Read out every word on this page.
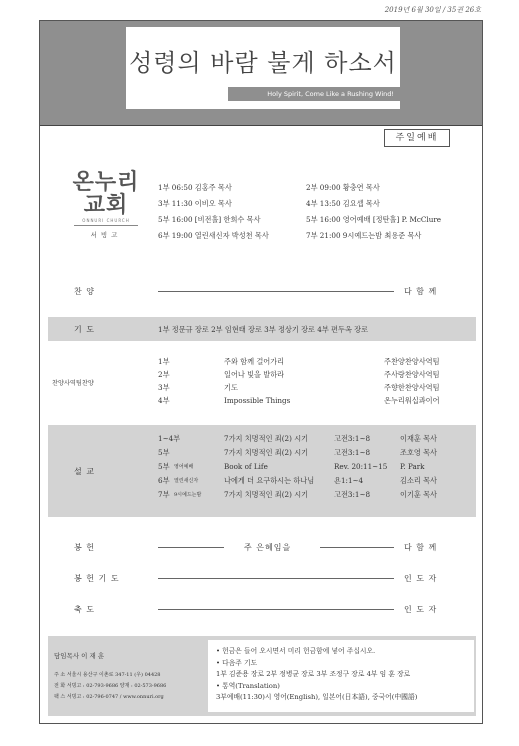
2019년 6월 30일 / 35권 26호
성령의 바람 불게 하소서
Holy Spirit, Come Like a Rushing Wind!
주일예배
온누리 교회
ONNURI CHURCH
서빙고
1부 06:50 김홍주 목사	2부 09:00 황충연 목사
3부 11:30 이비오 목사	4부 13:50 김요셉 목사
5부 16:00 [비전홀] 한희수 목사	5부 16:00 영어예배 [정탄홀] P. McClure
6부 19:00 열린새신자 박성천 목사	7부 21:00 9시예드는밤 최용준 목사
찬 양	다 함 께
기 도	1부 정문규 장로 2부 임현태 장로 3부 정상기 장로 4부 편두옥 장로
찬양사역팀찬양
1부	주와 함께 걸어가리	주찬양찬양사역팀
2부	일어나 빛을 발하라	주사랑찬양사역팀
3부	기도	주향한찬양사역팀
4부	Impossible Things	온누리워십콰이어
설 교
1~4부	7가지 치명적인 죄(2) 시기	고전3:1~8	이재훈 목사
5부	7가지 치명적인 죄(2) 시기	고전3:1~8	조호영 목사
5부 영어예배	Book of Life	Rev. 20:11~15 P. Park
6부 열린새신자	나에게 더 요구하시는 하나님	욘1:1~4	김소리 목사
7부 9시예드는밤	7가지 치명적인 죄(2) 시기	고전3:1~8	이기훈 목사
봉 헌	주 은혜임을	다 함 께
봉 헌 기 도	인 도 자
축 도	인 도 자
담임목사 이 재 훈
주 소 서울시 용산구 이촌로 347-11 (우) 04428
전 화 서빙고 : 02-793-9686 양재 : 02-573-9686
팩 스 서빙고 : 02-796-0747 / www.onnuri.org
• 헌금은 들어 오시면서 미리 헌금함에 넣어 주십시오.
• 다음주 기도
1부 김준용 장로 2부 정병균 장로 3부 조정구 장로 4부 임 훈 장로
• 통역(Translation)
3부예배(11:30)시 영어(English), 일본어(日本語), 중국어(中國語)
